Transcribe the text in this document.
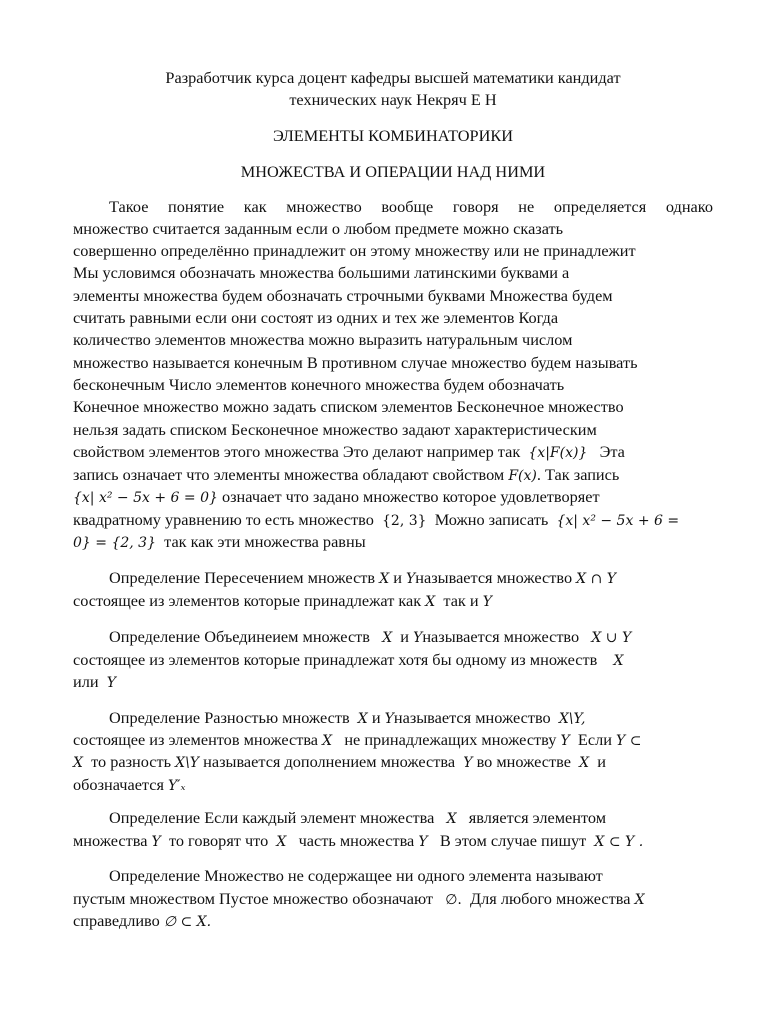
Разработчик курса доцент кафедры высшей математики кандидат
технических наук Некряч Е Н
ЭЛЕМЕНТЫ КОМБИНАТОРИКИ
МНОЖЕСТВА И ОПЕРАЦИИ НАД НИМИ
Такое понятие как множество вообще говоря не определяется однако
множество считается заданным если о любом предмете можно сказать
совершенно определённо принадлежит он этому множеству или не принадлежит
Мы условимся обозначать множества большими латинскими буквами а
элементы множества будем обозначать строчными буквами Множества будем
считать равными если они состоят из одних и тех же элементов Когда
количество элементов множества можно выразить натуральным числом
множество называется конечным В противном случае множество будем называть
бесконечным Число элементов конечного множества будем обозначать
Конечное множество можно задать списком элементов Бесконечное множество
нельзя задать списком Бесконечное множество задают характеристическим
свойством элементов этого множества Это делают например так {x|F(x)} Эта
запись означает что элементы множества обладают свойством F(x). Так запись
{x| x² − 5x + 6 = 0} означает что задано множество которое удовлетворяет
квадратному уравнению то есть множество {2, 3} Можно записать {x| x² − 5x + 6 =
0} = {2, 3} так как эти множества равны
Определение Пересечением множеств X и Yназывается множество X ∩ Y
состоящее из элементов которые принадлежат как X так и Y
Определение Объединеием множеств X и Yназывается множество X ∪ Y
состоящее из элементов которые принадлежат хотя бы одному из множеств X
или Y
Определение Разностью множеств X и Yназывается множество X\Y,
состоящее из элементов множества X не принадлежащих множеству Y Если Y ⊂
X то разность X\Y называется дополнением множества Y во множестве X и
обозначается Y′ₓ
Определение Если каждый элемент множества X является элементом
множества Y то говорят что X часть множества Y В этом случае пишут X ⊂ Y .
Определение Множество не содержащее ни одного элемента называют
пустым множеством Пустое множество обозначают ∅. Для любого множества X
справедливо ∅ ⊂ X.
